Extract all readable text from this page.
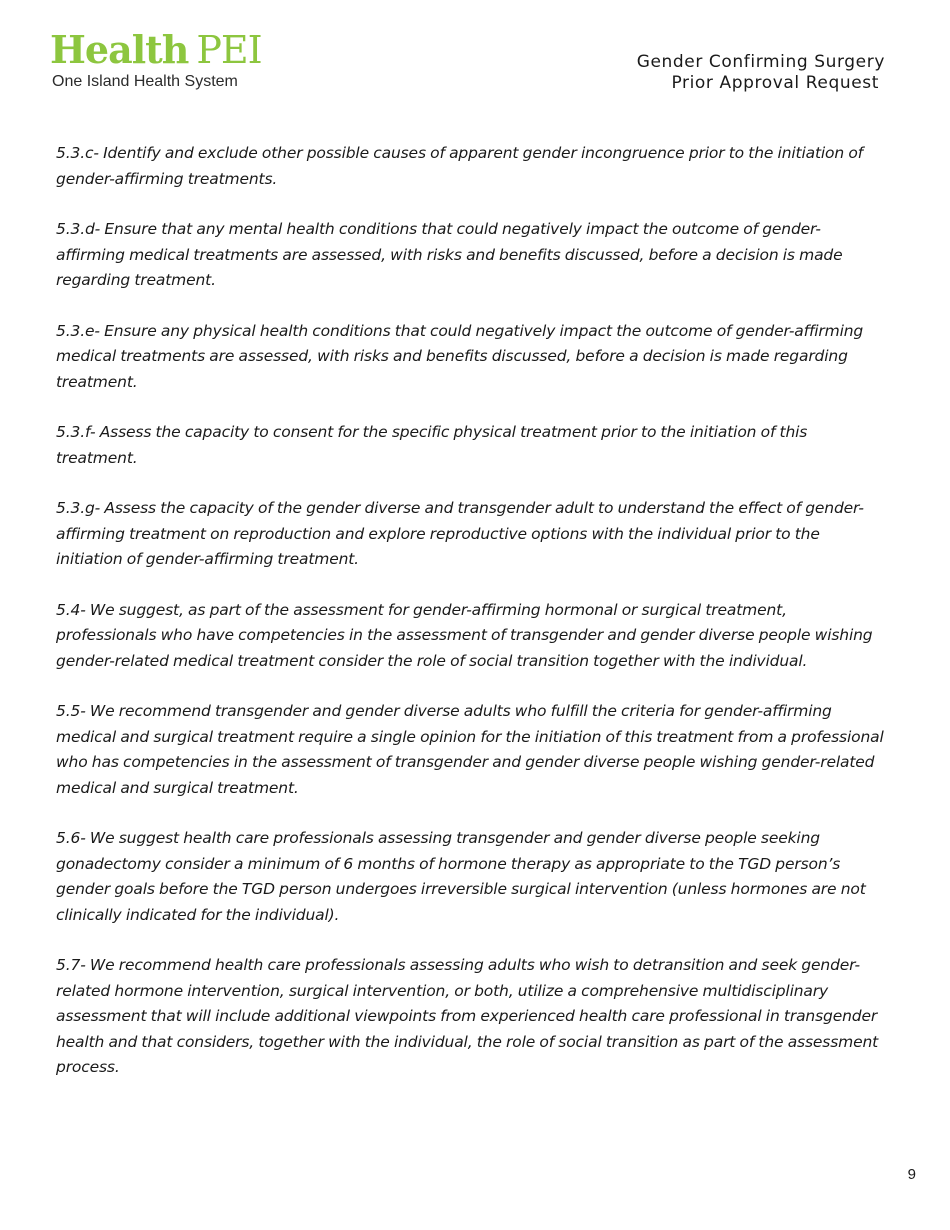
Health PEI
One Island Health System
Gender Confirming Surgery
Prior Approval Request

5.3.c- Identify and exclude other possible causes of apparent gender incongruence prior to the initiation of gender-affirming treatments.

5.3.d- Ensure that any mental health conditions that could negatively impact the outcome of gender-affirming medical treatments are assessed, with risks and benefits discussed, before a decision is made regarding treatment.

5.3.e- Ensure any physical health conditions that could negatively impact the outcome of gender-affirming medical treatments are assessed, with risks and benefits discussed, before a decision is made regarding treatment.

5.3.f- Assess the capacity to consent for the specific physical treatment prior to the initiation of this treatment.

5.3.g- Assess the capacity of the gender diverse and transgender adult to understand the effect of gender-affirming treatment on reproduction and explore reproductive options with the individual prior to the initiation of gender-affirming treatment.

5.4- We suggest, as part of the assessment for gender-affirming hormonal or surgical treatment, professionals who have competencies in the assessment of transgender and gender diverse people wishing gender-related medical treatment consider the role of social transition together with the individual.

5.5- We recommend transgender and gender diverse adults who fulfill the criteria for gender-affirming medical and surgical treatment require a single opinion for the initiation of this treatment from a professional who has competencies in the assessment of transgender and gender diverse people wishing gender-related medical and surgical treatment.

5.6- We suggest health care professionals assessing transgender and gender diverse people seeking gonadectomy consider a minimum of 6 months of hormone therapy as appropriate to the TGD person’s gender goals before the TGD person undergoes irreversible surgical intervention (unless hormones are not clinically indicated for the individual).

5.7- We recommend health care professionals assessing adults who wish to detransition and seek gender-related hormone intervention, surgical intervention, or both, utilize a comprehensive multidisciplinary assessment that will include additional viewpoints from experienced health care professional in transgender health and that considers, together with the individual, the role of social transition as part of the assessment process.

9
